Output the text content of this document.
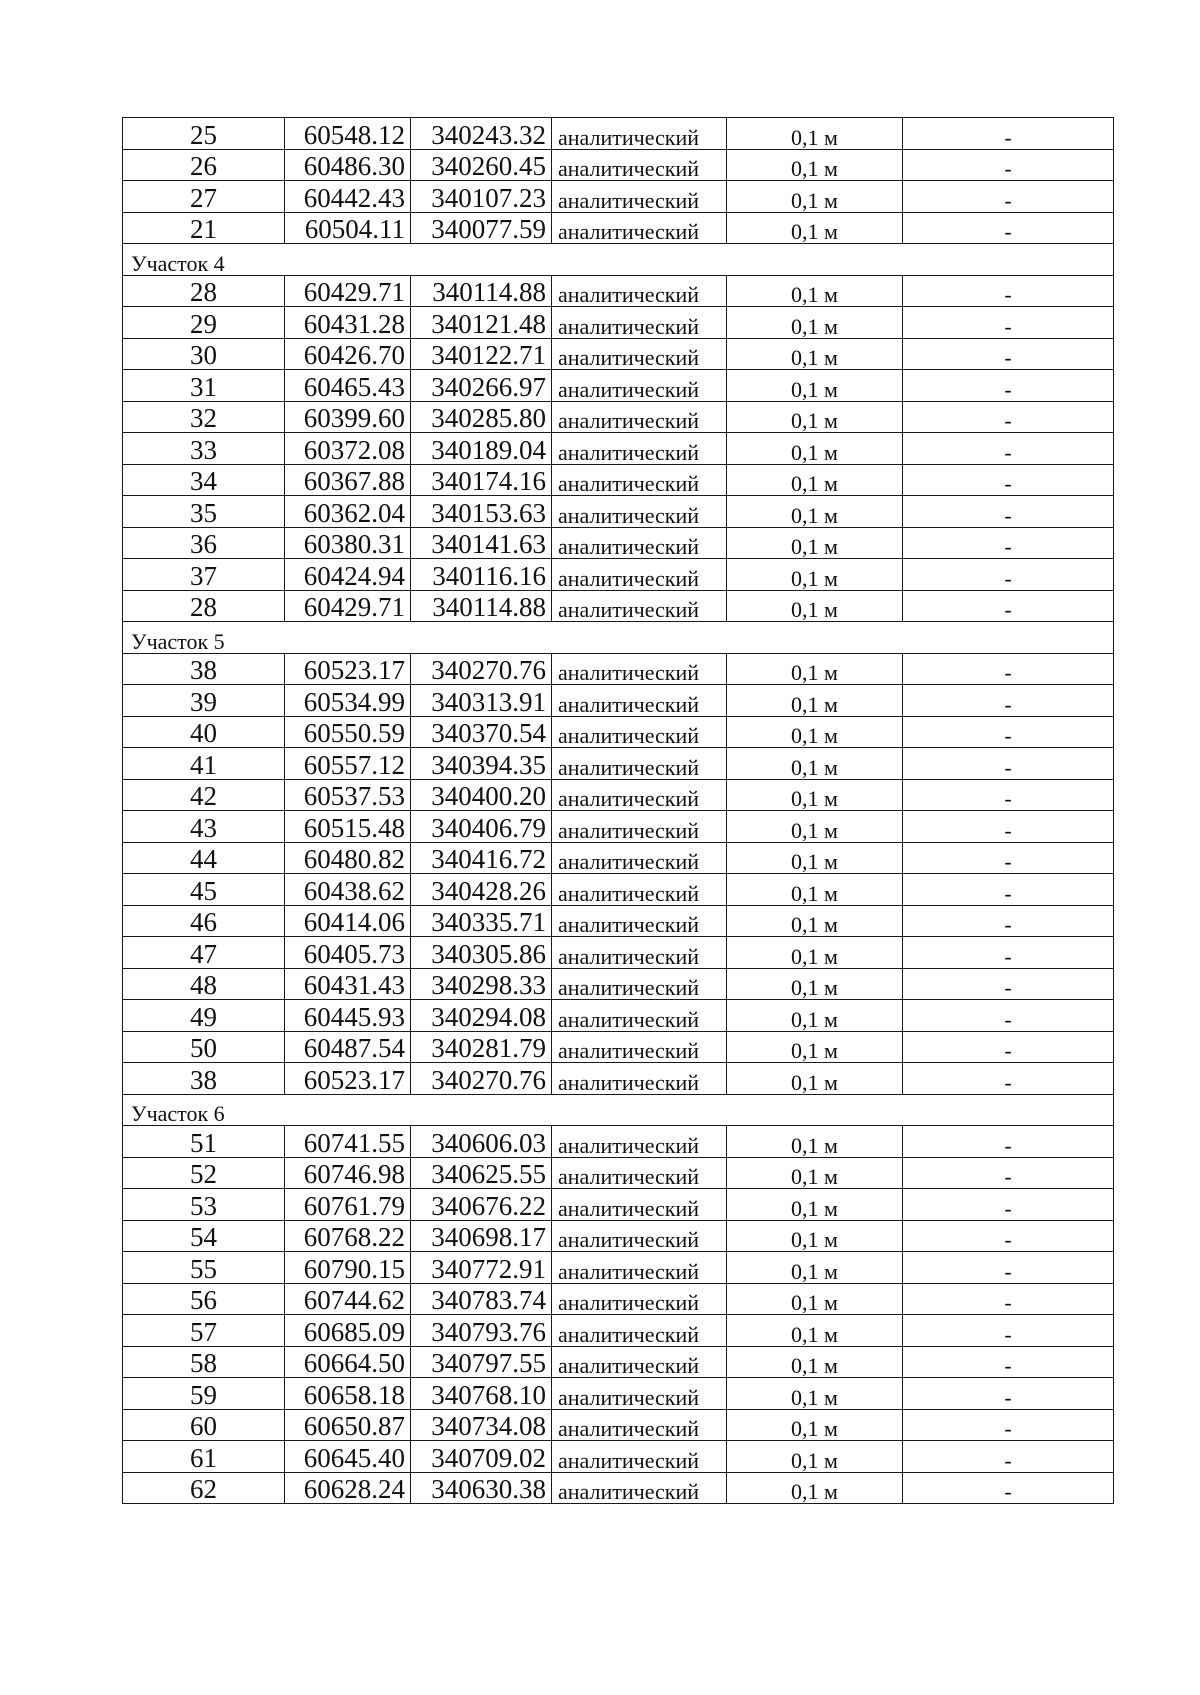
25	60548.12	340243.32	аналитический	0,1 м	-
26	60486.30	340260.45	аналитический	0,1 м	-
27	60442.43	340107.23	аналитический	0,1 м	-
21	60504.11	340077.59	аналитический	0,1 м	-
Участок 4					
28	60429.71	340114.88	аналитический	0,1 м	-
29	60431.28	340121.48	аналитический	0,1 м	-
30	60426.70	340122.71	аналитический	0,1 м	-
31	60465.43	340266.97	аналитический	0,1 м	-
32	60399.60	340285.80	аналитический	0,1 м	-
33	60372.08	340189.04	аналитический	0,1 м	-
34	60367.88	340174.16	аналитический	0,1 м	-
35	60362.04	340153.63	аналитический	0,1 м	-
36	60380.31	340141.63	аналитический	0,1 м	-
37	60424.94	340116.16	аналитический	0,1 м	-
28	60429.71	340114.88	аналитический	0,1 м	-
Участок 5					
38	60523.17	340270.76	аналитический	0,1 м	-
39	60534.99	340313.91	аналитический	0,1 м	-
40	60550.59	340370.54	аналитический	0,1 м	-
41	60557.12	340394.35	аналитический	0,1 м	-
42	60537.53	340400.20	аналитический	0,1 м	-
43	60515.48	340406.79	аналитический	0,1 м	-
44	60480.82	340416.72	аналитический	0,1 м	-
45	60438.62	340428.26	аналитический	0,1 м	-
46	60414.06	340335.71	аналитический	0,1 м	-
47	60405.73	340305.86	аналитический	0,1 м	-
48	60431.43	340298.33	аналитический	0,1 м	-
49	60445.93	340294.08	аналитический	0,1 м	-
50	60487.54	340281.79	аналитический	0,1 м	-
38	60523.17	340270.76	аналитический	0,1 м	-
Участок 6					
51	60741.55	340606.03	аналитический	0,1 м	-
52	60746.98	340625.55	аналитический	0,1 м	-
53	60761.79	340676.22	аналитический	0,1 м	-
54	60768.22	340698.17	аналитический	0,1 м	-
55	60790.15	340772.91	аналитический	0,1 м	-
56	60744.62	340783.74	аналитический	0,1 м	-
57	60685.09	340793.76	аналитический	0,1 м	-
58	60664.50	340797.55	аналитический	0,1 м	-
59	60658.18	340768.10	аналитический	0,1 м	-
60	60650.87	340734.08	аналитический	0,1 м	-
61	60645.40	340709.02	аналитический	0,1 м	-
62	60628.24	340630.38	аналитический	0,1 м	-
